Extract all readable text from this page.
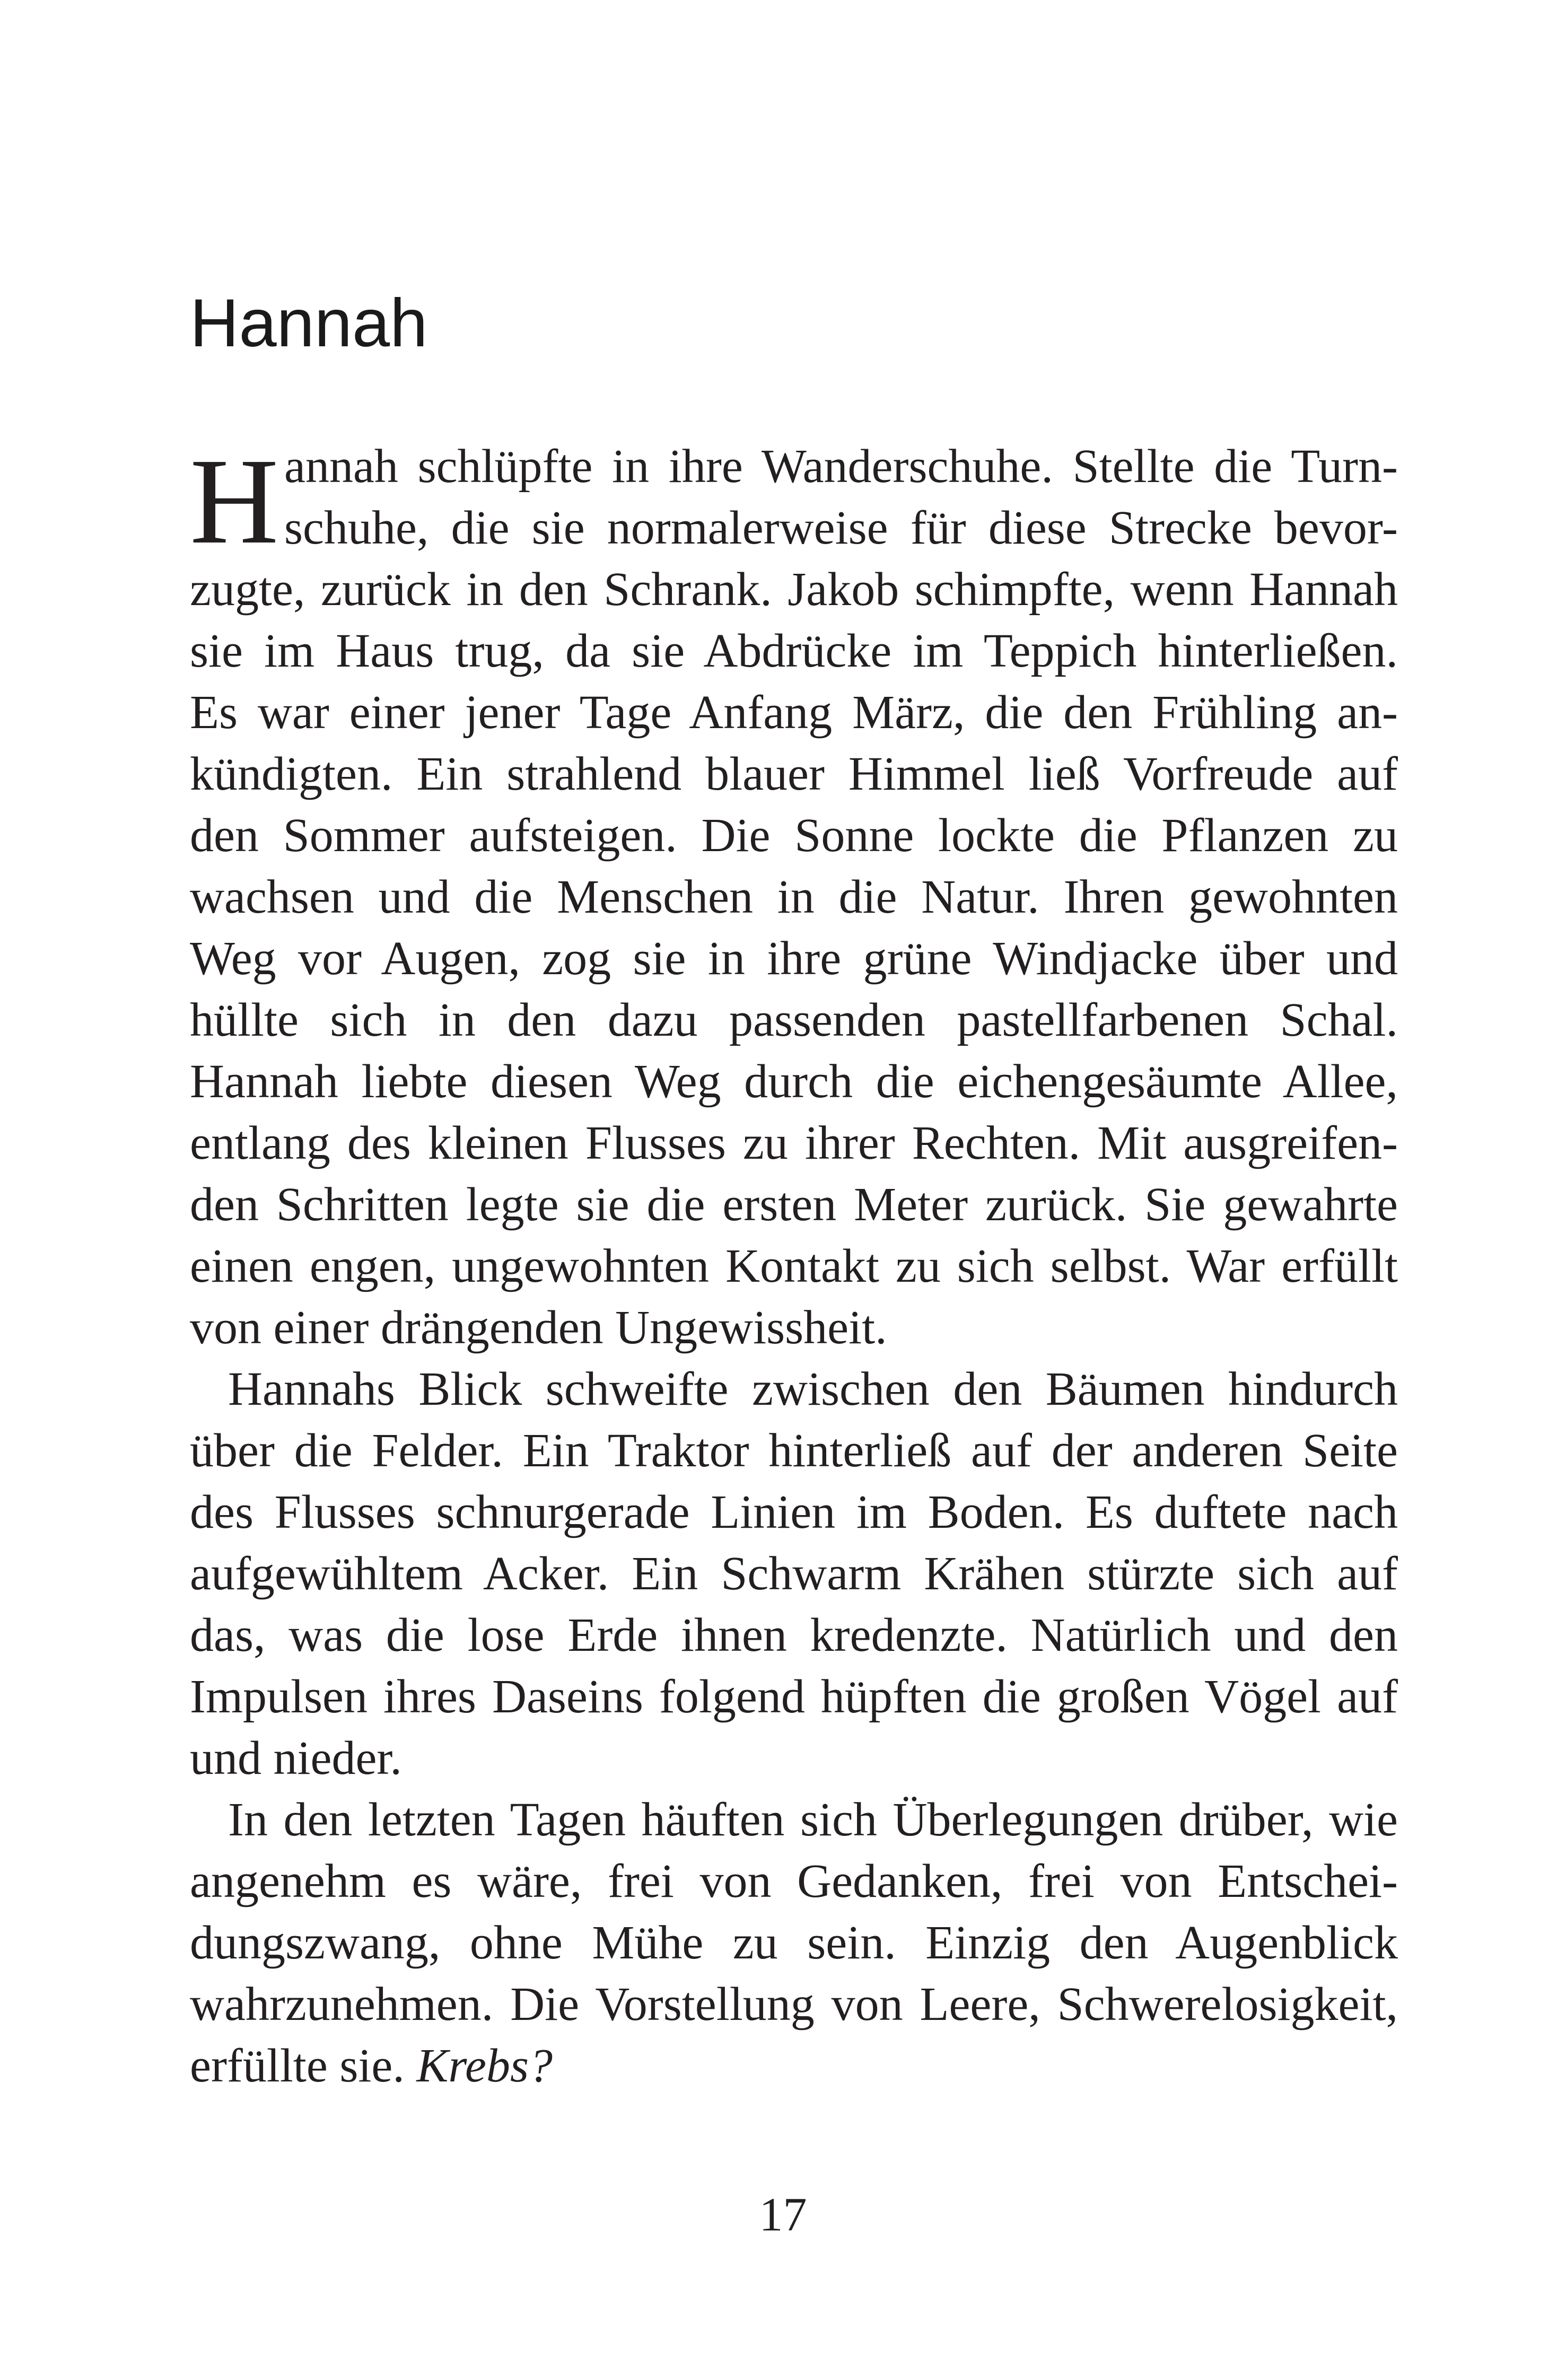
Hannah
H annah schlüpfte in ihre Wanderschuhe. Stellte die Turn-
schuhe, die sie normalerweise für diese Strecke bevor-
zugte, zurück in den Schrank. Jakob schimpfte, wenn Hannah
sie im Haus trug, da sie Abdrücke im Teppich hinterließen.
Es war einer jener Tage Anfang März, die den Frühling an-
kündigten. Ein strahlend blauer Himmel ließ Vorfreude auf
den Sommer aufsteigen. Die Sonne lockte die Pflanzen zu
wachsen und die Menschen in die Natur. Ihren gewohnten
Weg vor Augen, zog sie in ihre grüne Windjacke über und
hüllte sich in den dazu passenden pastellfarbenen Schal.
Hannah liebte diesen Weg durch die eichengesäumte Allee,
entlang des kleinen Flusses zu ihrer Rechten. Mit ausgreifen-
den Schritten legte sie die ersten Meter zurück. Sie gewahrte
einen engen, ungewohnten Kontakt zu sich selbst. War erfüllt
von einer drängenden Ungewissheit.
Hannahs Blick schweifte zwischen den Bäumen hindurch
über die Felder. Ein Traktor hinterließ auf der anderen Seite
des Flusses schnurgerade Linien im Boden. Es duftete nach
aufgewühltem Acker. Ein Schwarm Krähen stürzte sich auf
das, was die lose Erde ihnen kredenzte. Natürlich und den
Impulsen ihres Daseins folgend hüpften die großen Vögel auf
und nieder.
In den letzten Tagen häuften sich Überlegungen drüber, wie
angenehm es wäre, frei von Gedanken, frei von Entschei-
dungszwang, ohne Mühe zu sein. Einzig den Augenblick
wahrzunehmen. Die Vorstellung von Leere, Schwerelosigkeit,
erfüllte sie. Krebs?
17
